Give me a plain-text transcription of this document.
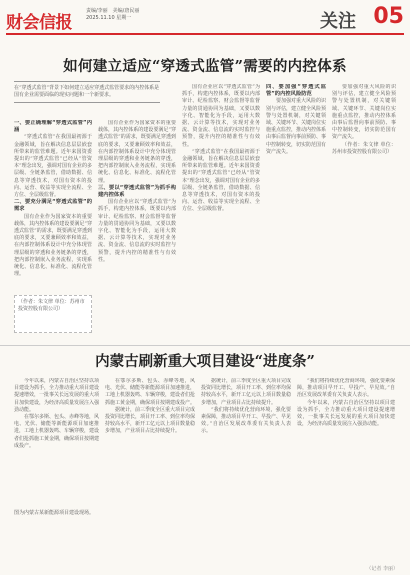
财会信报
责编/李丽　美编/唐民丽
2025.11.10 星期一	关注 05
如何建立适应“穿透式监管”需要的内控体系
在“穿透式监管”背景下如何建立适应穿透式监管要求的内控体系是国有企业需要面临的现实问题和一个新要求。
一、要正确理解“穿透式监管”内涵

“穿透式监管”在我国最初源于金融领域，旨在解决信息层层嵌套所带来的监管难题。近年来国资委提出的“穿透式监管”已经从“管资本”理念出发，强调对国有企业的多层级、全链条监管，借助数据、信息等穿透技术，对国有资本的投向、运营、收益等实现全流程、全方位、全层级监督。

二、要充分满足“穿透式监管”的需求

国有企业作为国家资本的重要载体，其内控体系的建设要满足“穿透式监管”的需求，既要满足穿透到底的要求，又要兼顾效率和效益，在内部控制体系设计中充分体现管理层级的穿透和业务链条的穿透，把内部控制嵌入业务流程，实现系统化、信息化、标准化、流程化管理。

国有企业作为国家资本的重要载体，其内控体系的建设要满足“穿透式监管”的需求，既要满足穿透到底的要求，又要兼顾效率和效益，在内部控制体系设计中充分体现管理层级的穿透和业务链条的穿透，把内部控制嵌入业务流程，实现系统化、信息化、标准化、流程化管理。

三、要以“穿透式监管”为抓手构建内控体系

国有企业应以“穿透式监管”为抓手，构建内控体系，既要以内部审计、纪检监察、财会监督等监督力量的贯通协同为基础，又要以数字化、智能化为手段，运用大数据、云计算等技术，实现对业务流、资金流、信息流的实时监控与预警，提升内控的精准性与有效性。

国有企业应以“穿透式监管”为抓手，构建内控体系，既要以内部审计、纪检监察、财会监督等监督力量的贯通协同为基础，又要以数字化、智能化为手段，运用大数据、云计算等技术，实现对业务流、资金流、信息流的实时监控与预警，提升内控的精准性与有效性。

“穿透式监管”在我国最初源于金融领域，旨在解决信息层层嵌套所带来的监管难题。近年来国资委提出的“穿透式监管”已经从“管资本”理念出发，强调对国有企业的多层级、全链条监管，借助数据、信息等穿透技术，对国有资本的投向、运营、收益等实现全流程、全方位、全层级监督。

四、要加强“穿透式监管”的内控风险防范

要加强对重大风险的识别与评估，建立健全风险预警与处置机制，对关键领域、关键环节、关键岗位实施重点监控，推动内控体系由事后监督向事前预防、事中控制转变，切实防范国有资产流失。

要加强对重大风险的识别与评估，建立健全风险预警与处置机制，对关键领域、关键环节、关键岗位实施重点监控，推动内控体系由事后监督向事前预防、事中控制转变，切实防范国有资产流失。

（作者：朱文律 单位：苏州市投资控股有限公司）

（作者：朱文律 单位：苏州市投资控股有限公司）
内蒙古刷新重大项目建设“进度条”

今年以来，内蒙古自治区坚持以项目建设为抓手，全力推动重大项目建设提速增效，一批事关长远发展的重大项目加快建设，为经济高质量发展注入强劲动能。

在鄂尔多斯、包头、赤峰等地，风电、光伏、储能等新能源项目加速推进，工地上机器轰鸣、车辆穿梭，建设者们抢抓施工黄金期，确保项目按期建成投产。

在鄂尔多斯、包头、赤峰等地，风电、光伏、储能等新能源项目加速推进，工地上机器轰鸣、车辆穿梭，建设者们抢抓施工黄金期，确保项目按期建成投产。

据统计，前三季度全区重大项目完成投资同比增长，项目开工率、到位率均保持较高水平，新开工亿元以上项目数量稳步增加，产业项目占比持续提升。

据统计，前三季度全区重大项目完成投资同比增长，项目开工率、到位率均保持较高水平，新开工亿元以上项目数量稳步增加，产业项目占比持续提升。

“我们将持续优化营商环境，强化要素保障，推动项目早开工、早投产、早见效。”自治区发展改革委有关负责人表示。

“我们将持续优化营商环境，强化要素保障，推动项目早开工、早投产、早见效。”自治区发展改革委有关负责人表示。

今年以来，内蒙古自治区坚持以项目建设为抓手，全力推动重大项目建设提速增效，一批事关长远发展的重大项目加快建设，为经济高质量发展注入强劲动能。

图为内蒙古某新能源项目建设现场。
（记者 李丽）
